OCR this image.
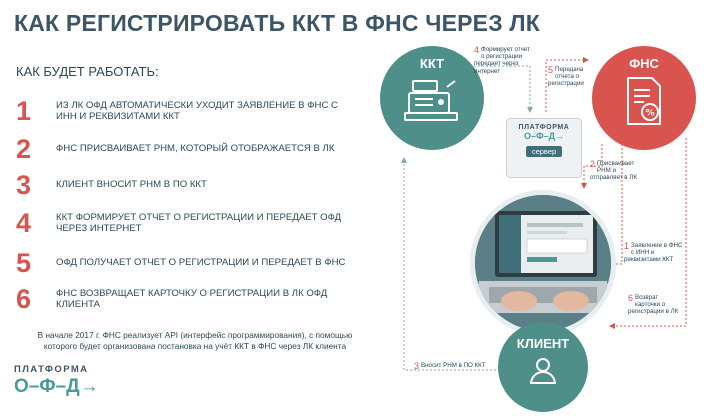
КАК РЕГИСТРИРОВАТЬ ККТ В ФНС ЧЕРЕЗ ЛК
КАК БУДЕТ РАБОТАТЬ:
1	ИЗ ЛК ОФД АВТОМАТИЧЕСКИ УХОДИТ ЗАЯВЛЕНИЕ В ФНС С ИНН И РЕКВИЗИТАМИ ККТ
2	ФНС ПРИСВАИВАЕТ РНМ, КОТОРЫЙ ОТОБРАЖАЕТСЯ В ЛК
3	КЛИЕНТ ВНОСИТ РНМ В ПО ККТ
4	ККТ ФОРМИРУЕТ ОТЧЕТ О РЕГИСТРАЦИИ И ПЕРЕДАЕТ ОФД ЧЕРЕЗ ИНТЕРНЕТ
5	ОФД ПОЛУЧАЕТ ОТЧЕТ О РЕГИСТРАЦИИ И ПЕРЕДАЕТ В ФНС
6	ФНС ВОЗВРАЩАЕТ КАРТОЧКУ О РЕГИСТРАЦИИ В ЛК ОФД КЛИЕНТА
В начале 2017 г. ФНС реализует API (интерфейс программирования), с помощью которого будет организована постановка на учёт ККТ в ФНС через ЛК клиента
ПЛАТФОРМА
О–Ф–Д→
ККТ	ФНС
%
ПЛАТФОРМА
О–Ф–Д→
сервер
КЛИЕНТ
4 Формирует отчет о регистрации передает через интернет	5 Передача отчета о регистрации
2 Присваивает РНМ и отправляет в ЛК
1 Заявление в ФНС с ИНН и реквизитами ККТ
6 Возврат карточки о регистрации в ЛК
3 Вносит РНМ в ПО ККТ
